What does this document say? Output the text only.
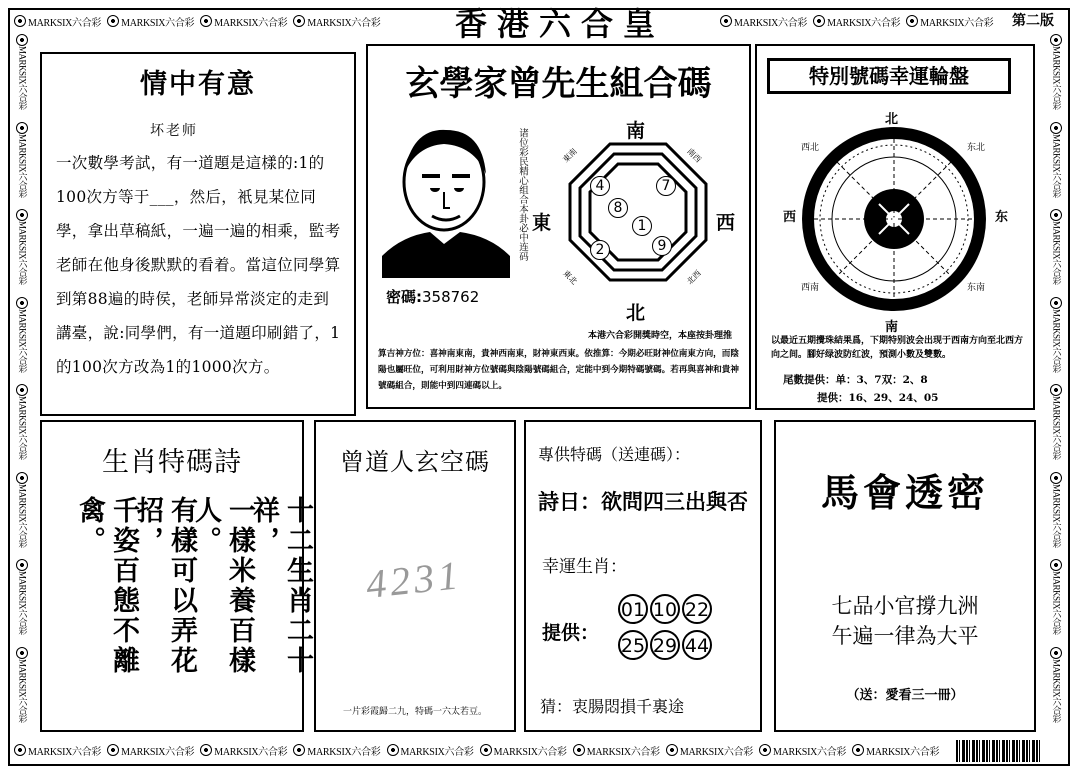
MARKSIX六合彩 MARKSIX六合彩 MARKSIX六合彩 MARKSIX六合彩	MARKSIX六合彩 MARKSIX六合彩 MARKSIX六合彩
MARKSIX六合彩 MARKSIX六合彩 MARKSIX六合彩 MARKSIX六合彩 MARKSIX六合彩 MARKSIX六合彩 MARKSIX六合彩 MARKSIX六合彩 MARKSIX六合彩 MARKSIX六合彩
MARKSIX六合彩
MARKSIX六合彩
MARKSIX六合彩
MARKSIX六合彩
MARKSIX六合彩
MARKSIX六合彩
MARKSIX六合彩
MARKSIX六合彩
MARKSIX六合彩
MARKSIX六合彩
MARKSIX六合彩
MARKSIX六合彩
MARKSIX六合彩
MARKSIX六合彩
MARKSIX六合彩
MARKSIX六合彩
香港六合皇	第二版
情中有意
坏老师
一次數學考試，有一道題是這樣的:1的100次方等于___，然后，衹見某位同學，拿出草稿紙，一遍一遍的相乘，監考老師在他身後默默的看着。當這位同學算到第88遍的時侯，老師异常淡定的走到講臺，說:同學們，有一道題印刷錯了，1的100次方改為1的1000次方。
玄學家曾先生組合碼
诸位彩民精心组合本卦必中连码
密碼:358762
南
北
東	西
東南	南西
東北	北西
4	7
8
1
2	9
本港六合彩開獎時空，本座按卦理推
算吉神方位：喜神南東南，貴神西南東，財神東西東。依推算：今期必旺財神位南東方向，而陰陽也屬旺位，可利用財神方位號碼與陰陽號碼組合，定能中到今期特碼號碼。若再與喜神和貴神號碼組合，則能中到四連碼以上。
特別號碼幸運輪盤
北
南
东
西
东北
西北
东南
西南
以最近五期攪珠結果爲，下期特别波会出现于西南方向至北西方向之间。腳好绿波防红波，預測小數及雙數。
尾數提供：单：3、7双：2、8
提供：16、29、24、05
生肖特碼詩
十二生肖二十祥，
一樣米養百樣人。
有樣可以弄花招，
千姿百態不離禽。
曾道人玄空碼
4231
一片彩霞歸二九，特碼一六太若豆。
專供特碼（送連碼）：
詩日：欲問四三出與否
幸運生肖：
提供：
01 10 22
25 29 44
猜：衷腸悶損千裏途
馬會透密
七品小官撐九洲
午遍一律為大平
（送：愛看三一冊）
